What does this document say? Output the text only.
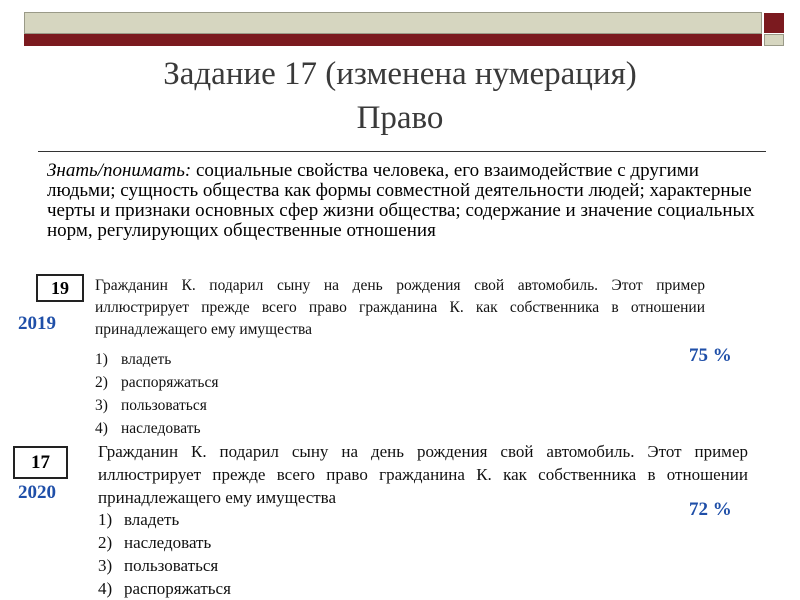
Задание 17 (изменена нумерация)
Право
Знать/понимать: социальные свойства человека, его взаимодействие с другими людьми; сущность общества как формы совместной деятельности людей; характерные черты и признаки основных сфер жизни общества; содержание и значение социальных норм, регулирующих общественные отношения
19
2019
Гражданин К. подарил сыну на день рождения свой автомобиль. Этот пример иллюстрирует прежде всего право гражданина К. как собственника в отношении принадлежащего ему имущества
1) владеть
2) распоряжаться
3) пользоваться
4) наследовать
75 %
17
2020
Гражданин К. подарил сыну на день рождения свой автомобиль. Этот пример иллюстрирует прежде всего право гражданина К. как собственника в отношении принадлежащего ему имущества
1) владеть
2) наследовать
3) пользоваться
4) распоряжаться
72 %
